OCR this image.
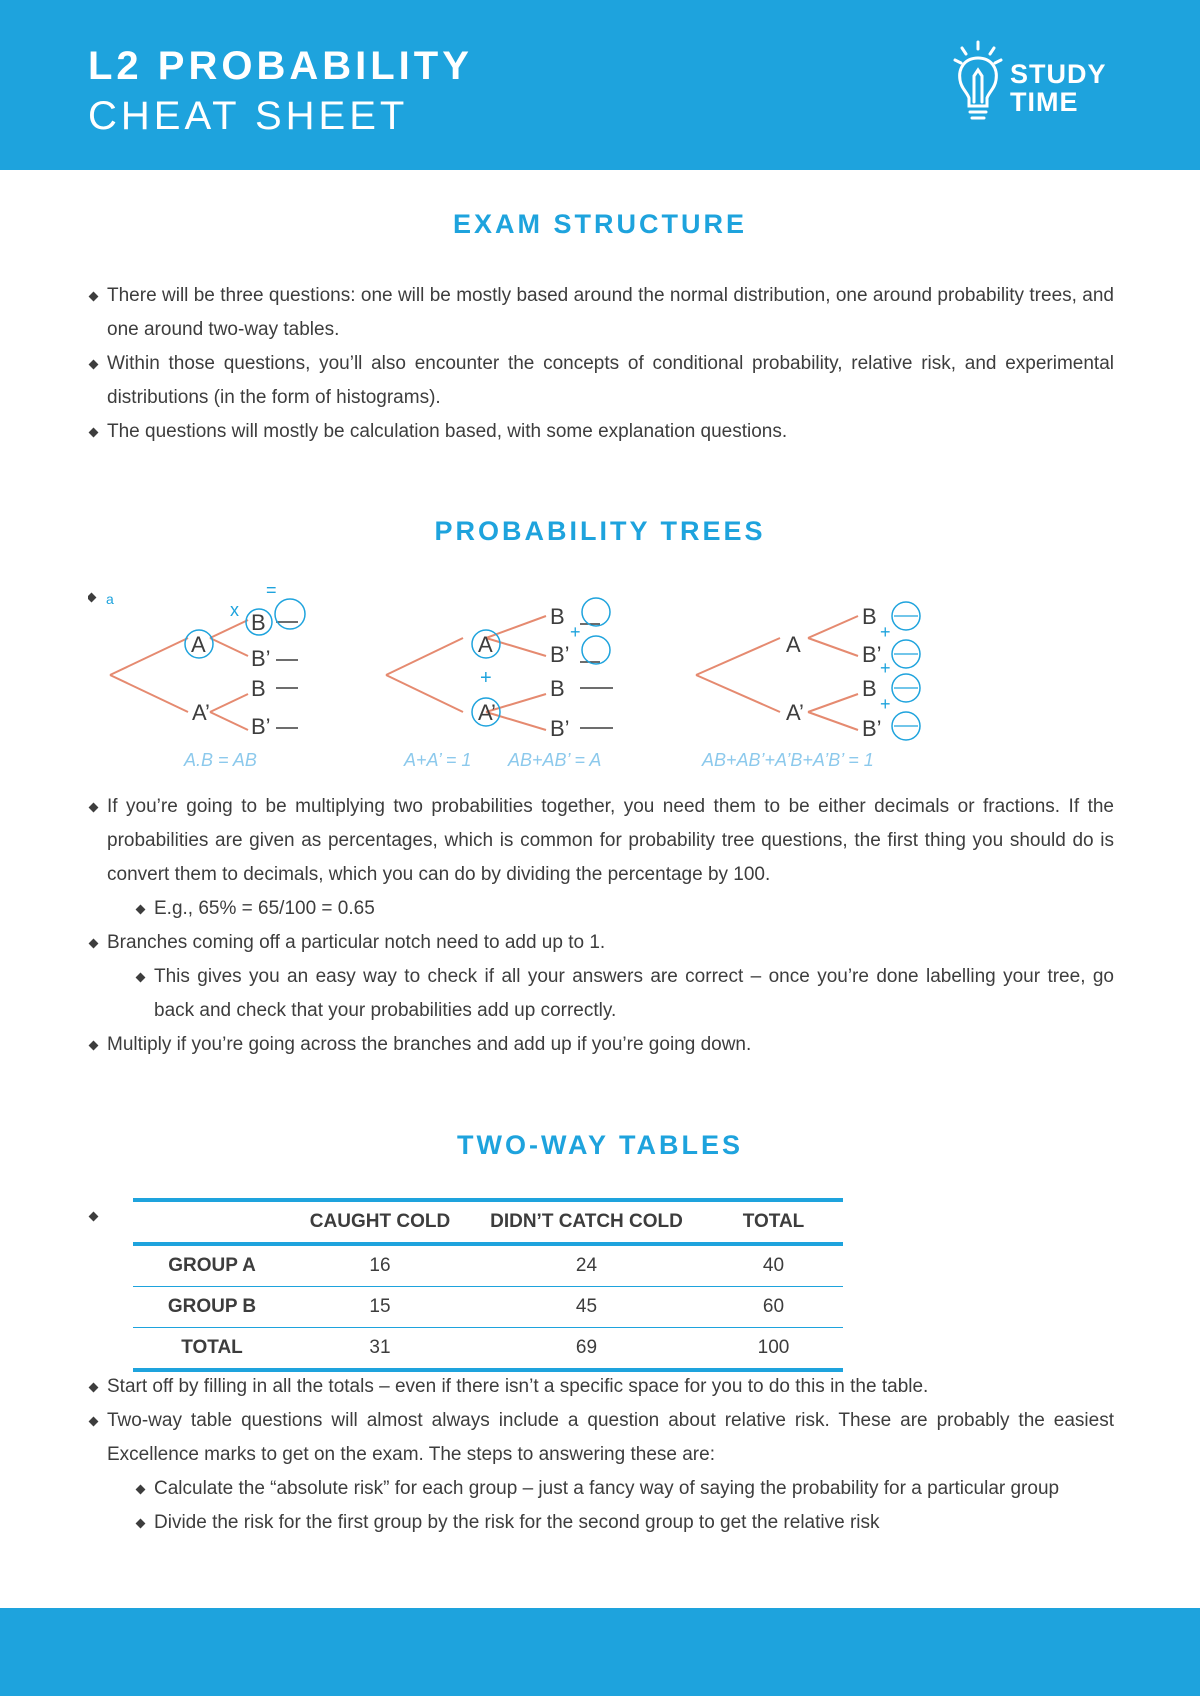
L2 PROBABILITY
CHEAT SHEET
STUDY
TIME
EXAM STRUCTURE
There will be three questions: one will be mostly based around the normal distribution, one around probability trees, and one around two-way tables.
Within those questions, you’ll also encounter the concepts of conditional probability, relative risk, and experimental distributions (in the form of histograms).
The questions will mostly be calculation based, with some explanation questions.
PROBABILITY TREES
a
A
B
B’
A’
B
B’
x
=
A.B = AB
A
B
B’
A’
B
B’
+
+
A+A’ = 1 AB+AB’ = A
A
B
B’
A’
B
B’
+
+
+
AB+AB’+A’B+A’B’ = 1
If you’re going to be multiplying two probabilities together, you need them to be either decimals or fractions. If the probabilities are given as percentages, which is common for probability tree questions, the first thing you should do is convert them to decimals, which you can do by dividing the percentage by 100.
E.g., 65% = 65/100 = 0.65
Branches coming off a particular notch need to add up to 1.
This gives you an easy way to check if all your answers are correct – once you’re done labelling your tree, go back and check that your probabilities add up correctly.
Multiply if you’re going across the branches and add up if you’re going down.
TWO-WAY TABLES
	CAUGHT COLD	DIDN’T CATCH COLD	TOTAL
GROUP A	16	24	40
GROUP B	15	45	60
TOTAL	31	69	100
Start off by filling in all the totals – even if there isn’t a specific space for you to do this in the table.
Two-way table questions will almost always include a question about relative risk. These are probably the easiest Excellence marks to get on the exam. The steps to answering these are:
Calculate the “absolute risk” for each group – just a fancy way of saying the probability for a particular group
Divide the risk for the first group by the risk for the second group to get the relative risk
